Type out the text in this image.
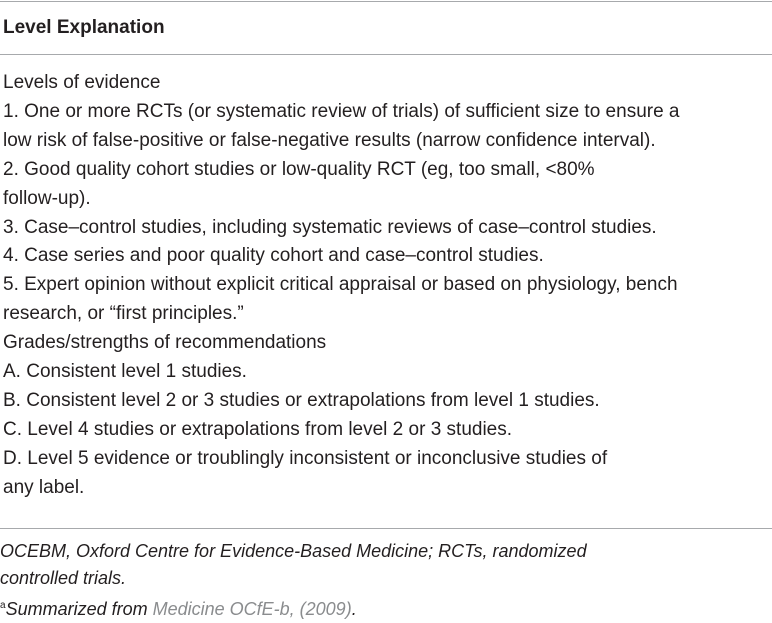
Level Explanation

Levels of evidence

1. One or more RCTs (or systematic review of trials) of sufficient size to ensure a

low risk of false-positive or false-negative results (narrow confidence interval).

2. Good quality cohort studies or low-quality RCT (eg, too small, <80%

follow-up).

3. Case–control studies, including systematic reviews of case–control studies.

4. Case series and poor quality cohort and case–control studies.

5. Expert opinion without explicit critical appraisal or based on physiology, bench

research, or “first principles.”

Grades/strengths of recommendations

A. Consistent level 1 studies.

B. Consistent level 2 or 3 studies or extrapolations from level 1 studies.

C. Level 4 studies or extrapolations from level 2 or 3 studies.

D. Level 5 evidence or troublingly inconsistent or inconclusive studies of

any label.

OCEBM, Oxford Centre for Evidence-Based Medicine; RCTs, randomized
controlled trials.

$^a$Summarized from Medicine OCfE-b, (2009).
